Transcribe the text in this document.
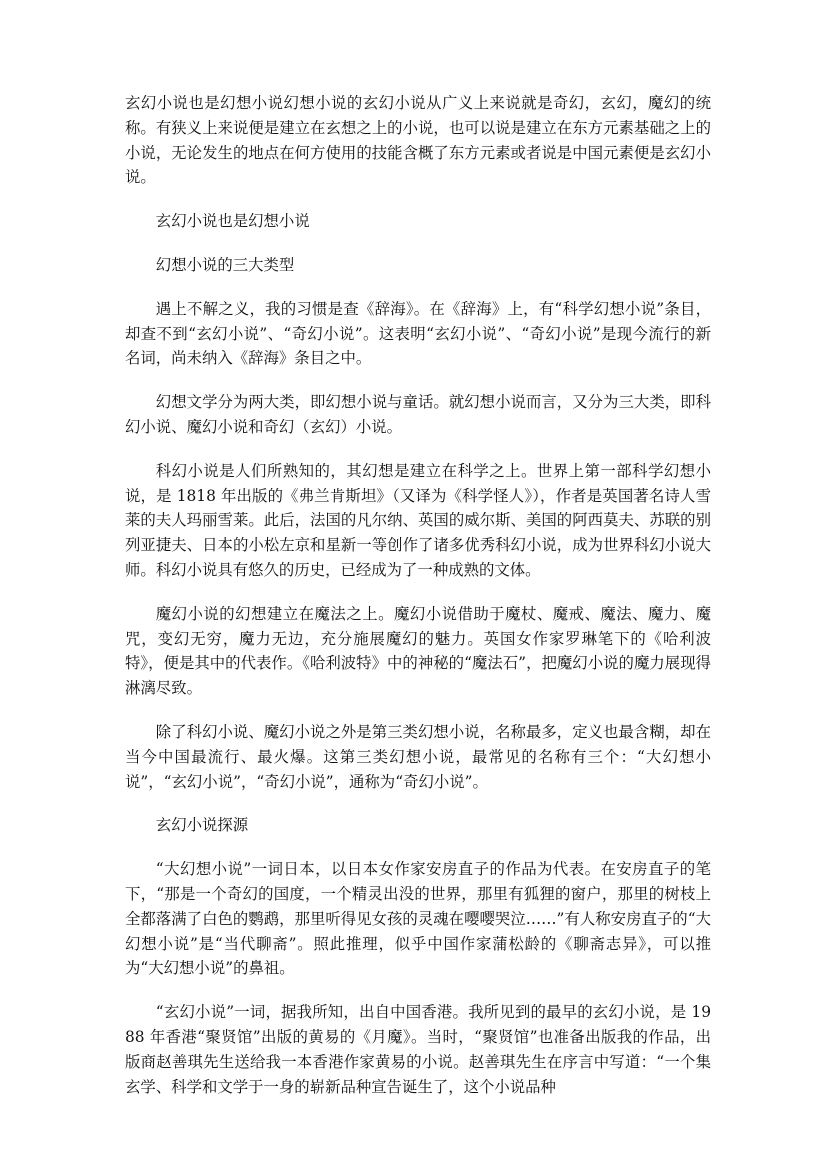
玄幻小说也是幻想小说幻想小说的玄幻小说从广义上来说就是奇幻，玄幻，魔幻的统称。有狭义上来说便是建立在玄想之上的小说，也可以说是建立在东方元素基础之上的小说，无论发生的地点在何方使用的技能含概了东方元素或者说是中国元素便是玄幻小说。

玄幻小说也是幻想小说

幻想小说的三大类型

遇上不解之义，我的习惯是查《辞海》。在《辞海》上，有“科学幻想小说”条目，却查不到“玄幻小说”、“奇幻小说”。这表明“玄幻小说”、“奇幻小说”是现今流行的新名词，尚未纳入《辞海》条目之中。

幻想文学分为两大类，即幻想小说与童话。就幻想小说而言，又分为三大类，即科幻小说、魔幻小说和奇幻（玄幻）小说。

科幻小说是人们所熟知的，其幻想是建立在科学之上。世界上第一部科学幻想小说，是 1818 年出版的《弗兰肯斯坦》（又译为《科学怪人》），作者是英国著名诗人雪莱的夫人玛丽雪莱。此后，法国的凡尔纳、英国的威尔斯、美国的阿西莫夫、苏联的别列亚捷夫、日本的小松左京和星新一等创作了诸多优秀科幻小说，成为世界科幻小说大师。科幻小说具有悠久的历史，已经成为了一种成熟的文体。

魔幻小说的幻想建立在魔法之上。魔幻小说借助于魔杖、魔戒、魔法、魔力、魔咒，变幻无穷，魔力无边，充分施展魔幻的魅力。英国女作家罗琳笔下的《哈利波特》，便是其中的代表作。《哈利波特》中的神秘的“魔法石”，把魔幻小说的魔力展现得淋漓尽致。

除了科幻小说、魔幻小说之外是第三类幻想小说，名称最多，定义也最含糊，却在当今中国最流行、最火爆。这第三类幻想小说，最常见的名称有三个：“大幻想小说”，“玄幻小说”，“奇幻小说”，通称为“奇幻小说”。

玄幻小说探源

“大幻想小说”一词日本，以日本女作家安房直子的作品为代表。在安房直子的笔下，“那是一个奇幻的国度，一个精灵出没的世界，那里有狐狸的窗户，那里的树枝上全都落满了白色的鹦鹉，那里听得见女孩的灵魂在嘤嘤哭泣……”有人称安房直子的“大幻想小说”是“当代聊斋”。照此推理，似乎中国作家蒲松龄的《聊斋志异》，可以推为“大幻想小说”的鼻祖。

“玄幻小说”一词，据我所知，出自中国香港。我所见到的最早的玄幻小说，是 1988 年香港“聚贤馆”出版的黄易的《月魔》。当时，“聚贤馆”也准备出版我的作品，出版商赵善琪先生送给我一本香港作家黄易的小说。赵善琪先生在序言中写道：“一个集玄学、科学和文学于一身的崭新品种宣告诞生了，这个小说品种
